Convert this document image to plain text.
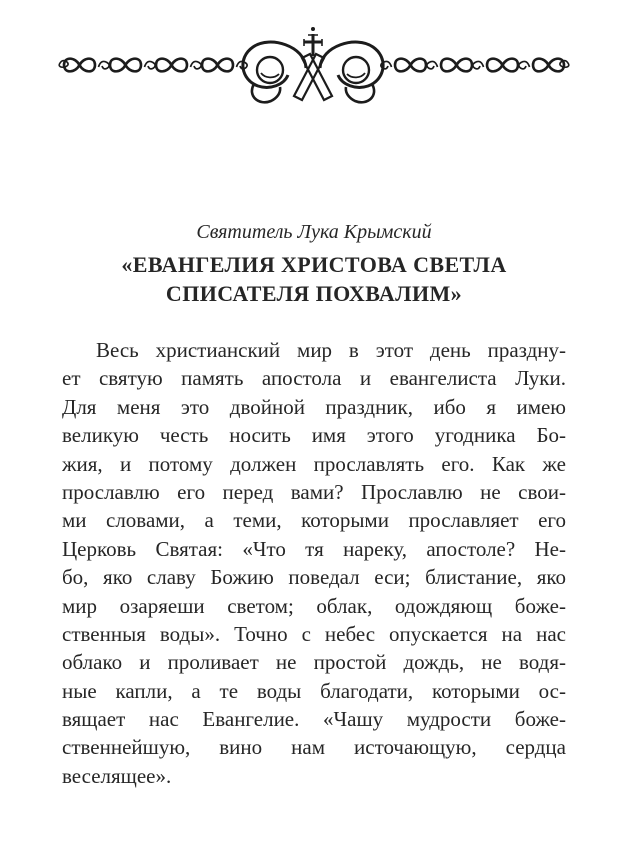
Святитель Лука Крымский
«ЕВАНГЕЛИЯ ХРИСТОВА СВЕТЛА
СПИСАТЕЛЯ ПОХВАЛИМ»
Весь христианский мир в этот день праздну-
ет святую память апостола и евангелиста Луки.
Для меня это двойной праздник, ибо я имею
великую честь носить имя этого угодника Бо-
жия, и потому должен прославлять его. Как же
прославлю его перед вами? Прославлю не свои-
ми словами, а теми, которыми прославляет его
Церковь Святая: «Что тя нареку, апостоле? Не-
бо, яко славу Божию поведал еси; блистание, яко
мир озаряеши светом; облак, одождяющ боже-
ственныя воды». Точно с небес опускается на нас
облако и проливает не простой дождь, не водя-
ные капли, а те воды благодати, которыми ос-
вящает нас Евангелие. «Чашу мудрости боже-
ственнейшую, вино нам источающую, сердца
веселящее».
